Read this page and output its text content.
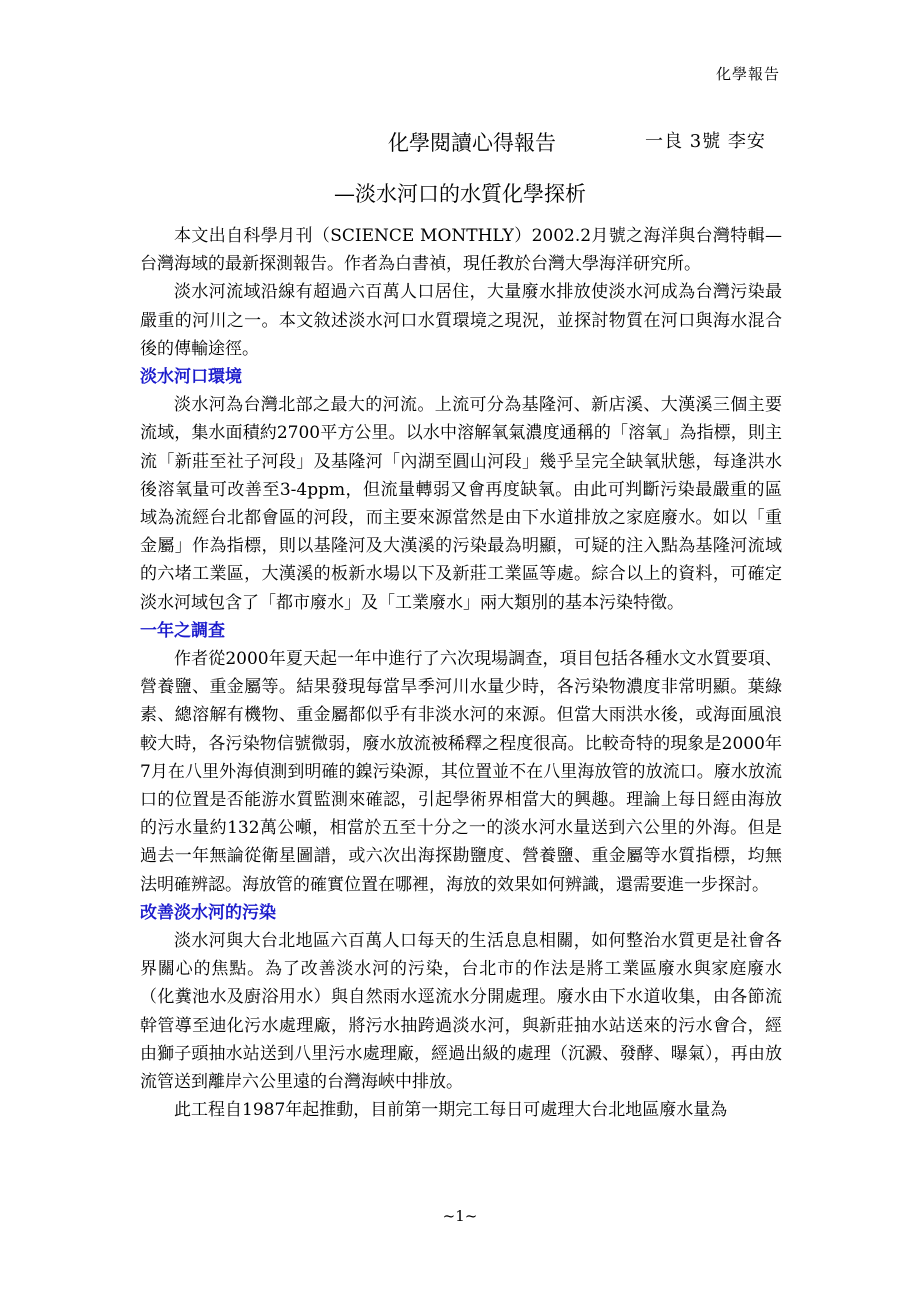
化學報告
化學閱讀心得報告	一良 3號 李安
—淡水河口的水質化學探析

本文出自科學月刊（SCIENCE MONTHLY）2002.2月號之海洋與台灣特輯—台灣海域的最新探測報告。作者為白書禎，現任教於台灣大學海洋研究所。

淡水河流域沿線有超過六百萬人口居住，大量廢水排放使淡水河成為台灣污染最嚴重的河川之一。本文敘述淡水河口水質環境之現況，並探討物質在河口與海水混合後的傳輸途徑。

淡水河口環境

淡水河為台灣北部之最大的河流。上流可分為基隆河、新店溪、大漢溪三個主要流域，集水面積約2700平方公里。以水中溶解氧氣濃度通稱的「溶氧」為指標，則主流「新莊至社子河段」及基隆河「內湖至圓山河段」幾乎呈完全缺氧狀態，每逢洪水後溶氧量可改善至3-4ppm，但流量轉弱又會再度缺氧。由此可判斷污染最嚴重的區域為流經台北都會區的河段，而主要來源當然是由下水道排放之家庭廢水。如以「重金屬」作為指標，則以基隆河及大漢溪的污染最為明顯，可疑的注入點為基隆河流域的六堵工業區，大漢溪的板新水場以下及新莊工業區等處。綜合以上的資料，可確定淡水河域包含了「都市廢水」及「工業廢水」兩大類別的基本污染特徵。

一年之調查

作者從2000年夏天起一年中進行了六次現場調查，項目包括各種水文水質要項、營養鹽、重金屬等。結果發現每當旱季河川水量少時，各污染物濃度非常明顯。葉綠素、總溶解有機物、重金屬都似乎有非淡水河的來源。但當大雨洪水後，或海面風浪較大時，各污染物信號微弱，廢水放流被稀釋之程度很高。比較奇特的現象是2000年7月在八里外海偵測到明確的鎳污染源，其位置並不在八里海放管的放流口。廢水放流口的位置是否能游水質監測來確認，引起學術界相當大的興趣。理論上每日經由海放的污水量約132萬公噸，相當於五至十分之一的淡水河水量送到六公里的外海。但是過去一年無論從衛星圖譜，或六次出海探勘鹽度、營養鹽、重金屬等水質指標，均無法明確辨認。海放管的確實位置在哪裡，海放的效果如何辨識，還需要進一步探討。

改善淡水河的污染

淡水河與大台北地區六百萬人口每天的生活息息相關，如何整治水質更是社會各界關心的焦點。為了改善淡水河的污染，台北市的作法是將工業區廢水與家庭廢水（化糞池水及廚浴用水）與自然雨水逕流水分開處理。廢水由下水道收集，由各節流幹管導至迪化污水處理廠，將污水抽跨過淡水河，與新莊抽水站送來的污水會合，經由獅子頭抽水站送到八里污水處理廠，經過出級的處理（沉澱、發酵、曝氣），再由放流管送到離岸六公里遠的台灣海峽中排放。

此工程自1987年起推動，目前第一期完工每日可處理大台北地區廢水量為

~1~
